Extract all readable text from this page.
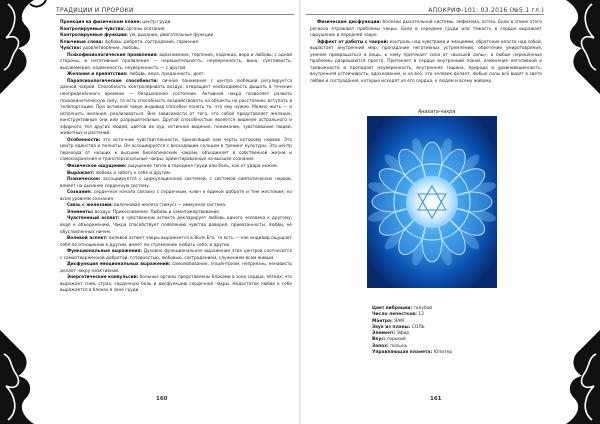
ТРАДИЦИИ И ПРОРОКИ	АПОКРИФ-101: 03.2016 (№5.1 гл.)

Проекция на физическом плане: центр груди.

Контролируемые чувства: органы осязания.

Контролируемые функции: ум, дыхание, двигательные функции.

Ключевые слова: любовь, доброта, сострадание, гармония.

Чувство: удовлетворение, любовь.

Психофизиологические проявления: вдохновение, терпение, надежда, вера и любовь, с одной стороны, и негативные проявления — нерешительность, неуверенность, вина, суетливость, высокомерие, надменность, неуверенность — с другой.

Желания и препятствия: любовь, вера, преданность, долг.

Парапсихологические способности: личное понимание с центра любящей регулируется данной чакрой. Способность контролировать воздух, отвращает необходимость дышать в течение неопределённого времени — бездыханное состояние. Активная чакра позволяет развить психокинетическую силу, то есть способность воздействовать на объекты на расстоянии, вступать в телепортацию. При активной чакре индивид способен понять то, что ему нужно. Можно жить — и исполнить желания, реализоваться. Вне зависимости от того, что собой представляет желание, конструктивные они или разрушительные. Другой способностью является видение астрального и эфирного тел других людей, цветов их аур, истинное видение, понимание, чувствование людей, животных и растений.

Особенности: это источник чувствительности, приносящий нам черты которому нервов. Это центр единства и полноты. Он ассоциируется с восходящим солнцем в тренинг культуры. Это центр перехода от низших к высшим биологическим чакрам, объединяет в собственной жизни и самосохранения и трансперсональные чакры, ориентированные на высшее сознание.

Физическое ощущение: ощущение тепла в середине груди или боль, как от удара ножом.

Выражает: любовь и заботу к себе и другим.

Психическое: ассоциируется с циркуляционной системой, с системой симпатических нервов, влияет на дыхание сердечную систему.

Сознание: сердечное начало связано с сердечным, ключ к единой доброте и тем жестоким; ко всем уровням сознания.

Связь с железами: вилочковая железа (тимус) — иммунная система.

Элементы: воздух. Прикосновение. Любовь и самопожертвование.

Чувственный аспект: в чувственном аспекте декларирует любовь одного человека к другому, ведя к объединению. Чакра способствует появлению чувства доверия, привязанности, любви, не обусловленных ничем.

Волевой аспект: волевой аспект чакры выражается в Воле Его, то есть — как индивид ощущает себя по отношению к другим, имеет ли стремление любить себя, и других.

Функциональные выражения: Духовно функциональное выражение этих центров соотносится с самоотверженной добротой, готовностью, любовью, состраданием, служением всем живым.

Дисфункция эмоциональных выражений: самолюбование, эгоцентризм, неприязнь, ненависть делает чакру неактивной.

Энергетические конвульсии: больные органы представлены блоками в зоне сердца, лёгких; это выражает гнев, страх, сердечную боль и дисфункцию сердечной чакры. Недостаток любви к себе выражается в блоках в зоне груди.

Физические дисфункции: болезни дыхательной системы, эмфизема, астма. Боли в спине этого региона отражают проблемы чакры. Боли в середине груди или тяжесть в сердце выражает нарушение в передней чакре.

Эффект от работы с чакрой: контроль над чувствами и эмоциями, обретение власти над собой, вырастает внутренний мир, пропадание негативных устремлений, обретение умиротворения, умение превращаться в вещь, к нему притекает сила от «высшей силы», а любые нерешённые проблемы разрешаются просто. Притекает в сердце внутренний покой, изменение негативной и тревожности и пропадает неуверенность, внутренняя тишина, природа и уравновешенность, внутренняя устойчивость, вдохновение, и на всё, что человек делает, любые силы всё видят в свете любви и сострадания, которые исходят из его сердца, к людям и всему живому.

Анахата-чакра
Цвет вибрации: голубой
Число лепестков: 12
Мантра: ЯАМ
Звук из планы: СОЛЬ
Элемент: Эфир
Вкус: горький
Запах: полынь
Управляющая планета: Юпитер
160	161
